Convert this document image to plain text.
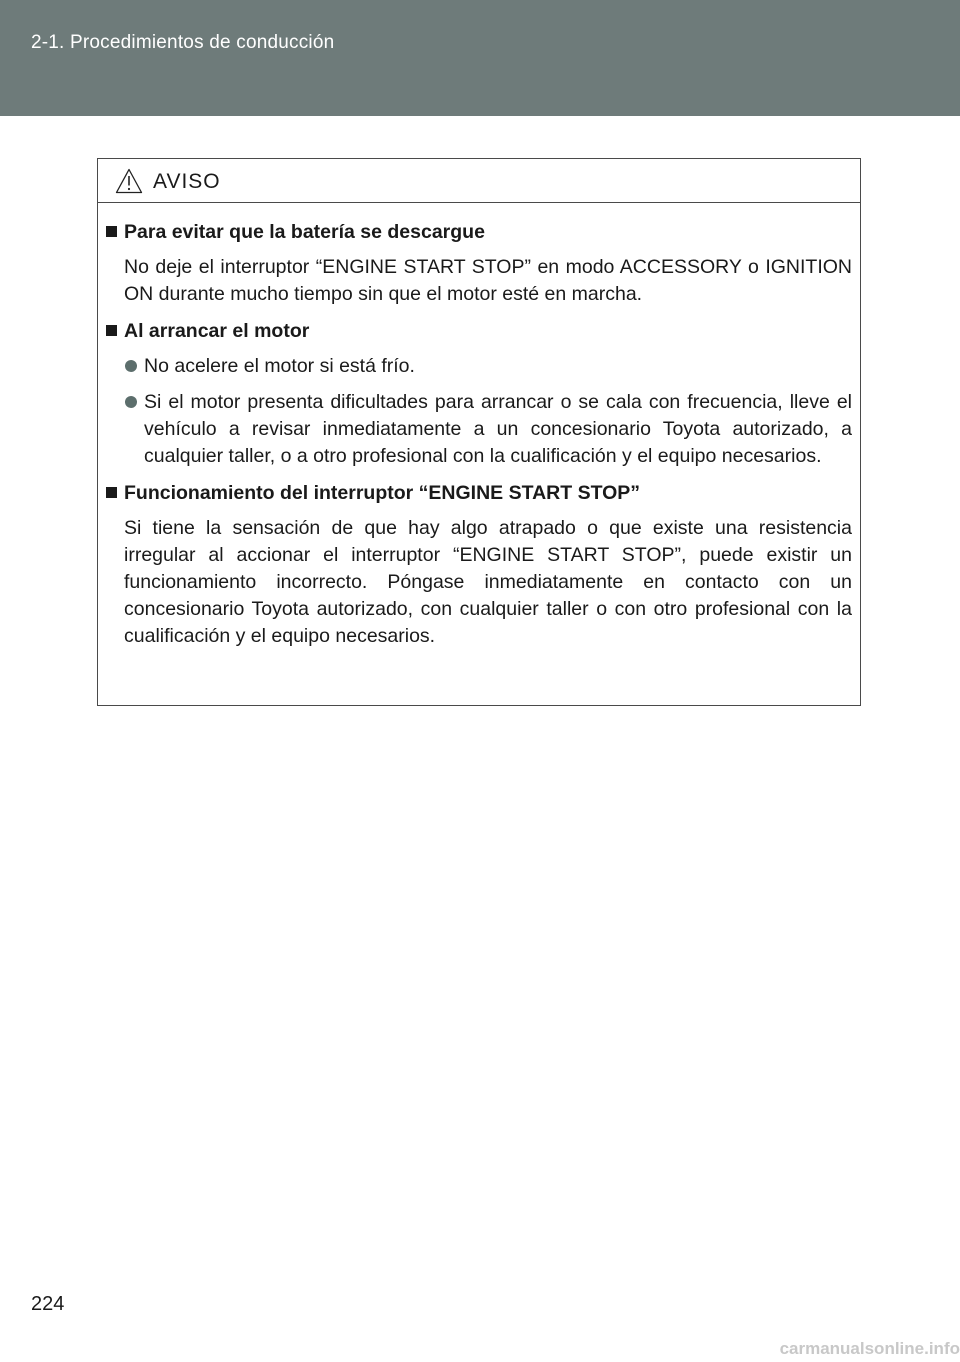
2-1. Procedimientos de conducción
AVISO
Para evitar que la batería se descargue
No deje el interruptor “ENGINE START STOP” en modo ACCESSORY o IGNITION ON durante mucho tiempo sin que el motor esté en marcha.
Al arrancar el motor
No acelere el motor si está frío.
Si el motor presenta dificultades para arrancar o se cala con frecuencia, lleve el vehículo a revisar inmediatamente a un concesionario Toyota autorizado, a cualquier taller, o a otro profesional con la cualificación y el equipo necesarios.
Funcionamiento del interruptor “ENGINE START STOP”
Si tiene la sensación de que hay algo atrapado o que existe una resistencia irregular al accionar el interruptor “ENGINE START STOP”, puede existir un funcionamiento incorrecto. Póngase inmediatamente en contacto con un concesionario Toyota autorizado, con cualquier taller o con otro profesional con la cualificación y el equipo necesarios.
224
carmanualsonline.info
